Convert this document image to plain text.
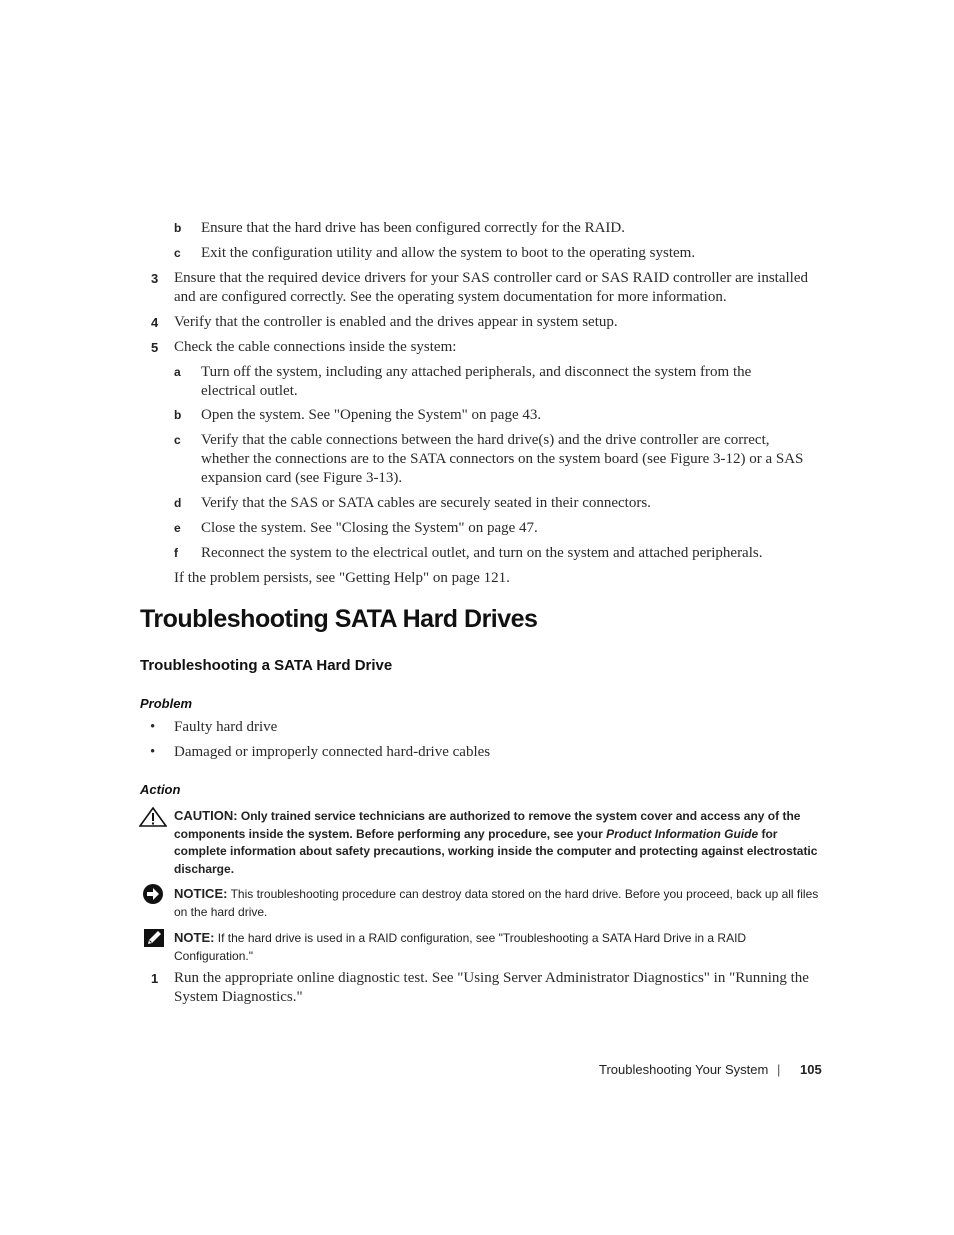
b Ensure that the hard drive has been configured correctly for the RAID.
c Exit the configuration utility and allow the system to boot to the operating system.
3 Ensure that the required device drivers for your SAS controller card or SAS RAID controller are installed and are configured correctly. See the operating system documentation for more information.
4 Verify that the controller is enabled and the drives appear in system setup.
5 Check the cable connections inside the system:
a Turn off the system, including any attached peripherals, and disconnect the system from the electrical outlet.
b Open the system. See "Opening the System" on page 43.
c Verify that the cable connections between the hard drive(s) and the drive controller are correct, whether the connections are to the SATA connectors on the system board (see Figure 3-12) or a SAS expansion card (see Figure 3-13).
d Verify that the SAS or SATA cables are securely seated in their connectors.
e Close the system. See "Closing the System" on page 47.
f Reconnect the system to the electrical outlet, and turn on the system and attached peripherals.
If the problem persists, see "Getting Help" on page 121.
Troubleshooting SATA Hard Drives
Troubleshooting a SATA Hard Drive
Problem
• Faulty hard drive
• Damaged or improperly connected hard-drive cables
Action
CAUTION: Only trained service technicians are authorized to remove the system cover and access any of the components inside the system. Before performing any procedure, see your Product Information Guide for complete information about safety precautions, working inside the computer and protecting against electrostatic discharge.
NOTICE: This troubleshooting procedure can destroy data stored on the hard drive. Before you proceed, back up all files on the hard drive.
NOTE: If the hard drive is used in a RAID configuration, see "Troubleshooting a SATA Hard Drive in a RAID Configuration."
1 Run the appropriate online diagnostic test. See "Using Server Administrator Diagnostics" in "Running the System Diagnostics."
Troubleshooting Your System | 105
